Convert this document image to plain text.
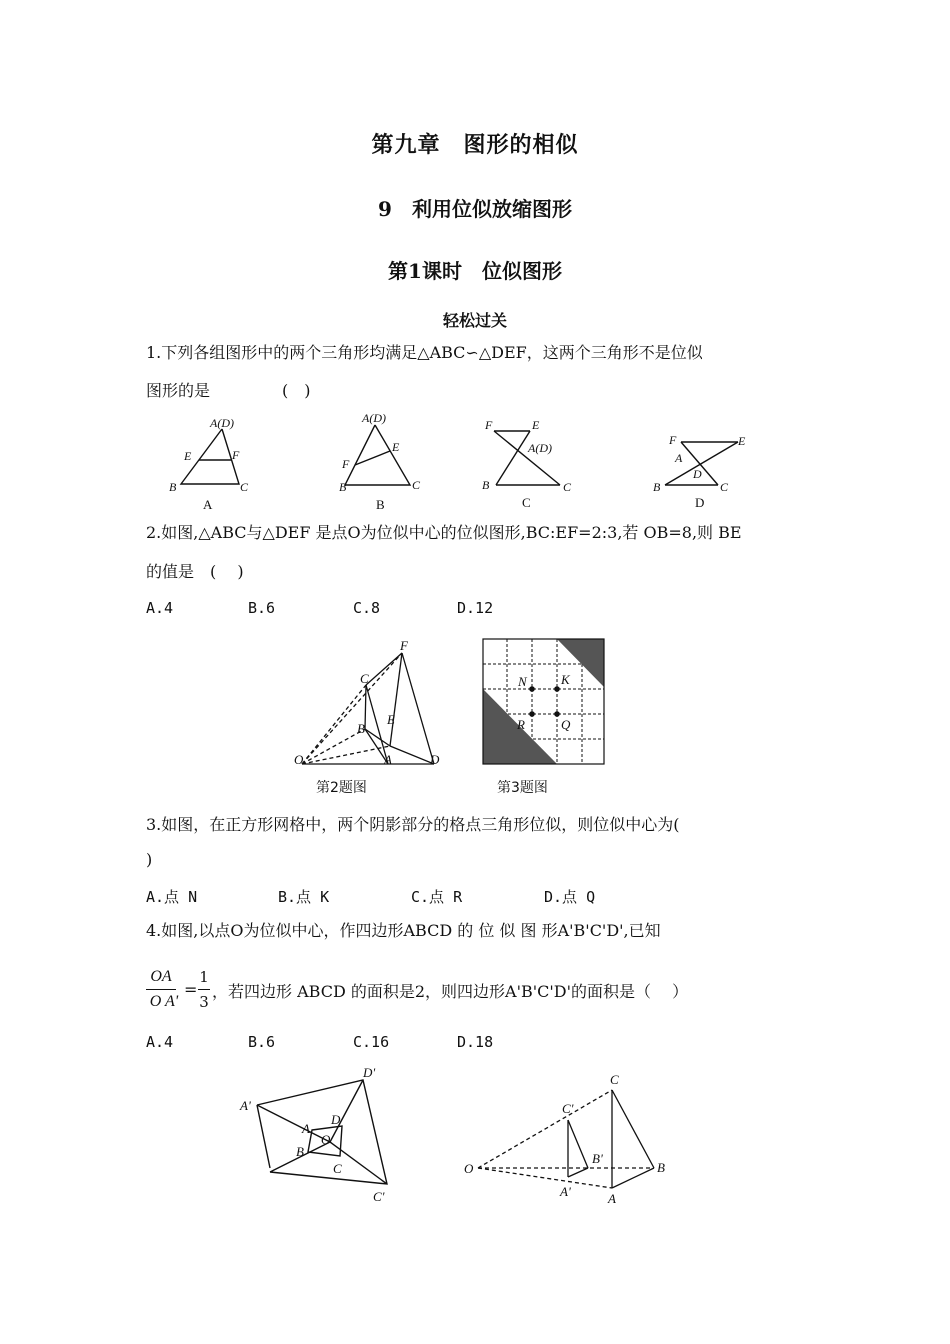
第九章　图形的相似
9　利用位似放缩图形
第1课时　位似图形
轻松过关
1.下列各组图形中的两个三角形均满足△ABC∽△DEF，这两个三角形不是位似
图形的是	(　)
A(D)
E	F
B	C
A
A(D)
E
F
B	C
B
F	E
A(D)
B	C
C
F	E
A
D
B	C
D
2.如图,△ABC与△DEF 是点O为位似中心的位似图形,BC:EF=2:3,若 OB=8,则 BE
的值是　(　 )
A.4	B.6	C.8	D.12
F
C
E
B
O	A	D
第2题图
N	K
R	Q
第3题图
3.如图，在正方形网格中，两个阴影部分的格点三角形位似，则位似中心为(
)
A.点 N	B.点 K	C.点 R	D.点 Q
4.如图,以点O为位似中心，作四边形ABCD 的 位 似 图 形A'B'C'D',已知
OA
O A'
=
1
3
，若四边形 ABCD 的面积是2，则四边形A'B'C'D'的面积是（　 ）
A.4	B.6	C.16	D.18
D'
A'
A
D
O
B
C
C'
C
C'
O
B'
B
A'	A
